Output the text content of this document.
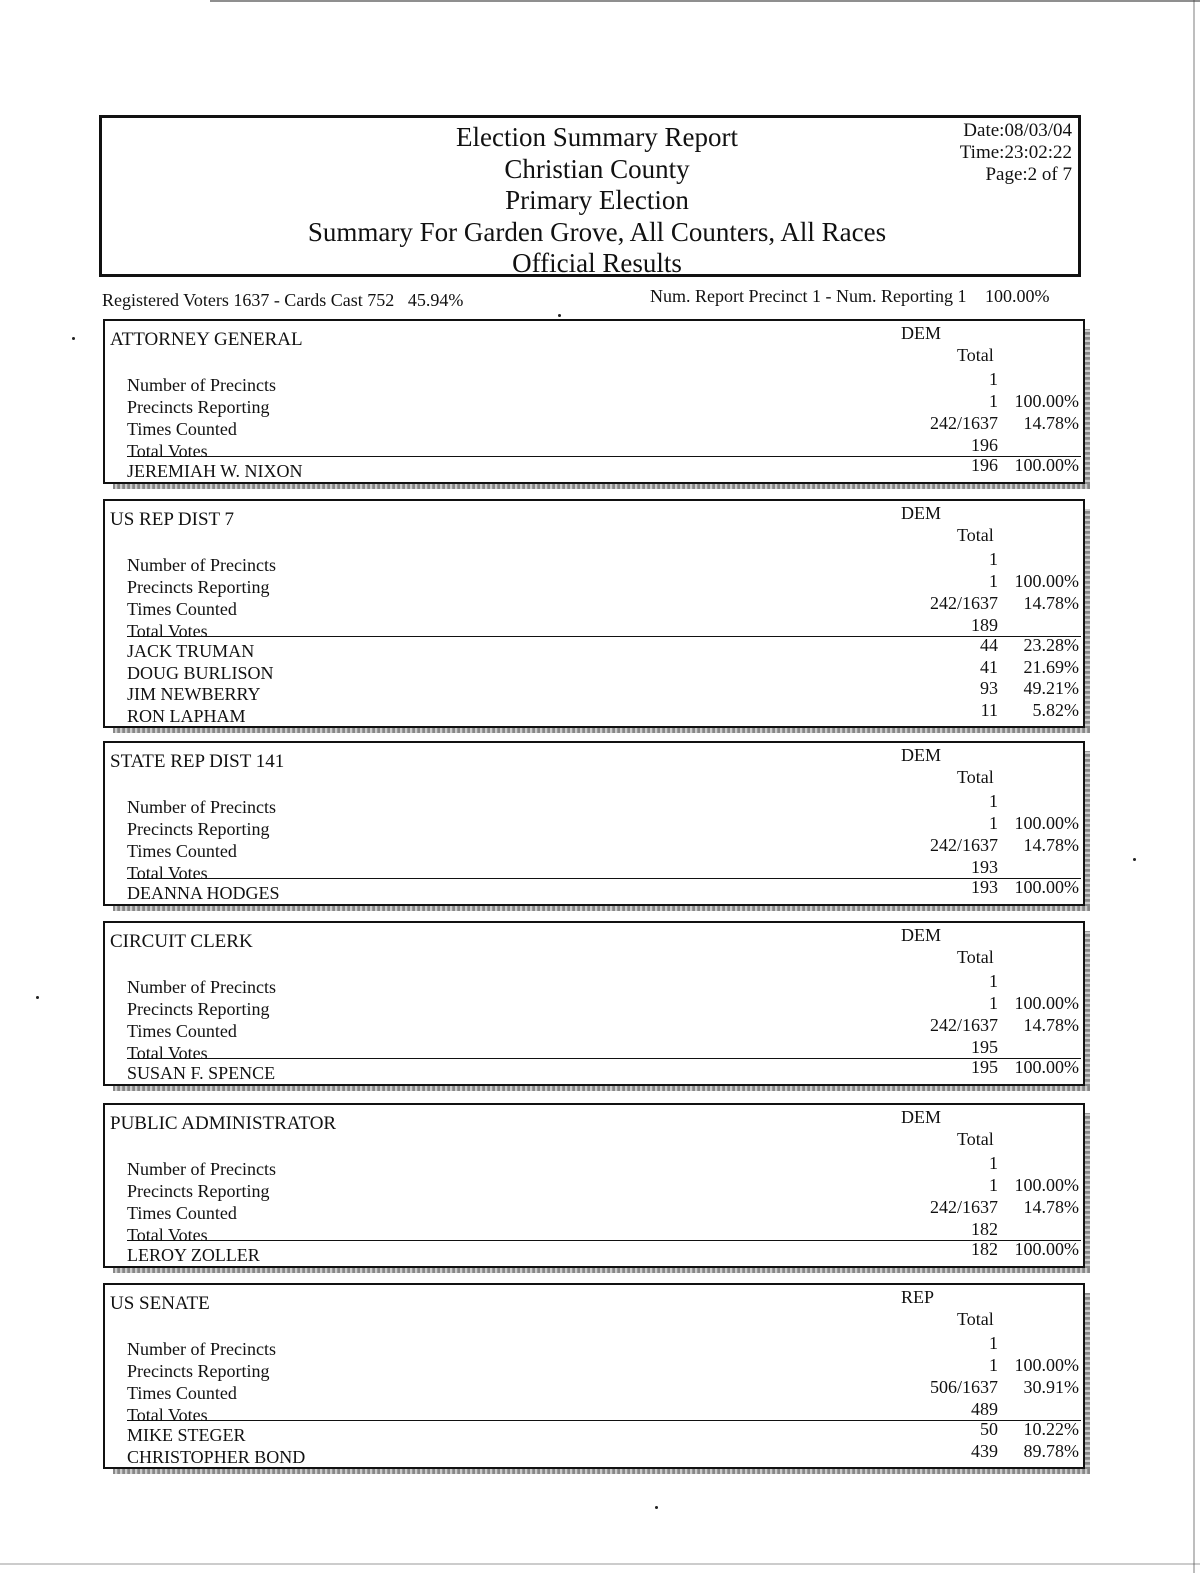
Election Summary Report
Christian County
Primary Election
Summary For Garden Grove, All Counters, All Races
Official Results
Date:08/03/04
Time:23:02:22
Page:2 of 7
Registered Voters 1637 - Cards Cast 752 45.94%	Num. Report Precinct 1 - Num. Reporting 1 100.00%
ATTORNEY GENERAL	DEM
Total
Number of Precincts	1
Precincts Reporting	1 100.00%
Times Counted	242/1637 14.78%
Total Votes	196
JEREMIAH W. NIXON	196 100.00%
US REP DIST 7	DEM
Total
Number of Precincts	1
Precincts Reporting	1 100.00%
Times Counted	242/1637 14.78%
Total Votes	189
JACK TRUMAN	44 23.28%
DOUG BURLISON	41 21.69%
JIM NEWBERRY	93 49.21%
RON LAPHAM	11 5.82%
STATE REP DIST 141	DEM
Total
Number of Precincts	1
Precincts Reporting	1 100.00%
Times Counted	242/1637 14.78%
Total Votes	193
DEANNA HODGES	193 100.00%
CIRCUIT CLERK	DEM
Total
Number of Precincts	1
Precincts Reporting	1 100.00%
Times Counted	242/1637 14.78%
Total Votes	195
SUSAN F. SPENCE	195 100.00%
PUBLIC ADMINISTRATOR	DEM
Total
Number of Precincts	1
Precincts Reporting	1 100.00%
Times Counted	242/1637 14.78%
Total Votes	182
LEROY ZOLLER	182 100.00%
US SENATE	REP
Total
Number of Precincts	1
Precincts Reporting	1 100.00%
Times Counted	506/1637 30.91%
Total Votes	489
MIKE STEGER	50 10.22%
CHRISTOPHER BOND	439 89.78%
